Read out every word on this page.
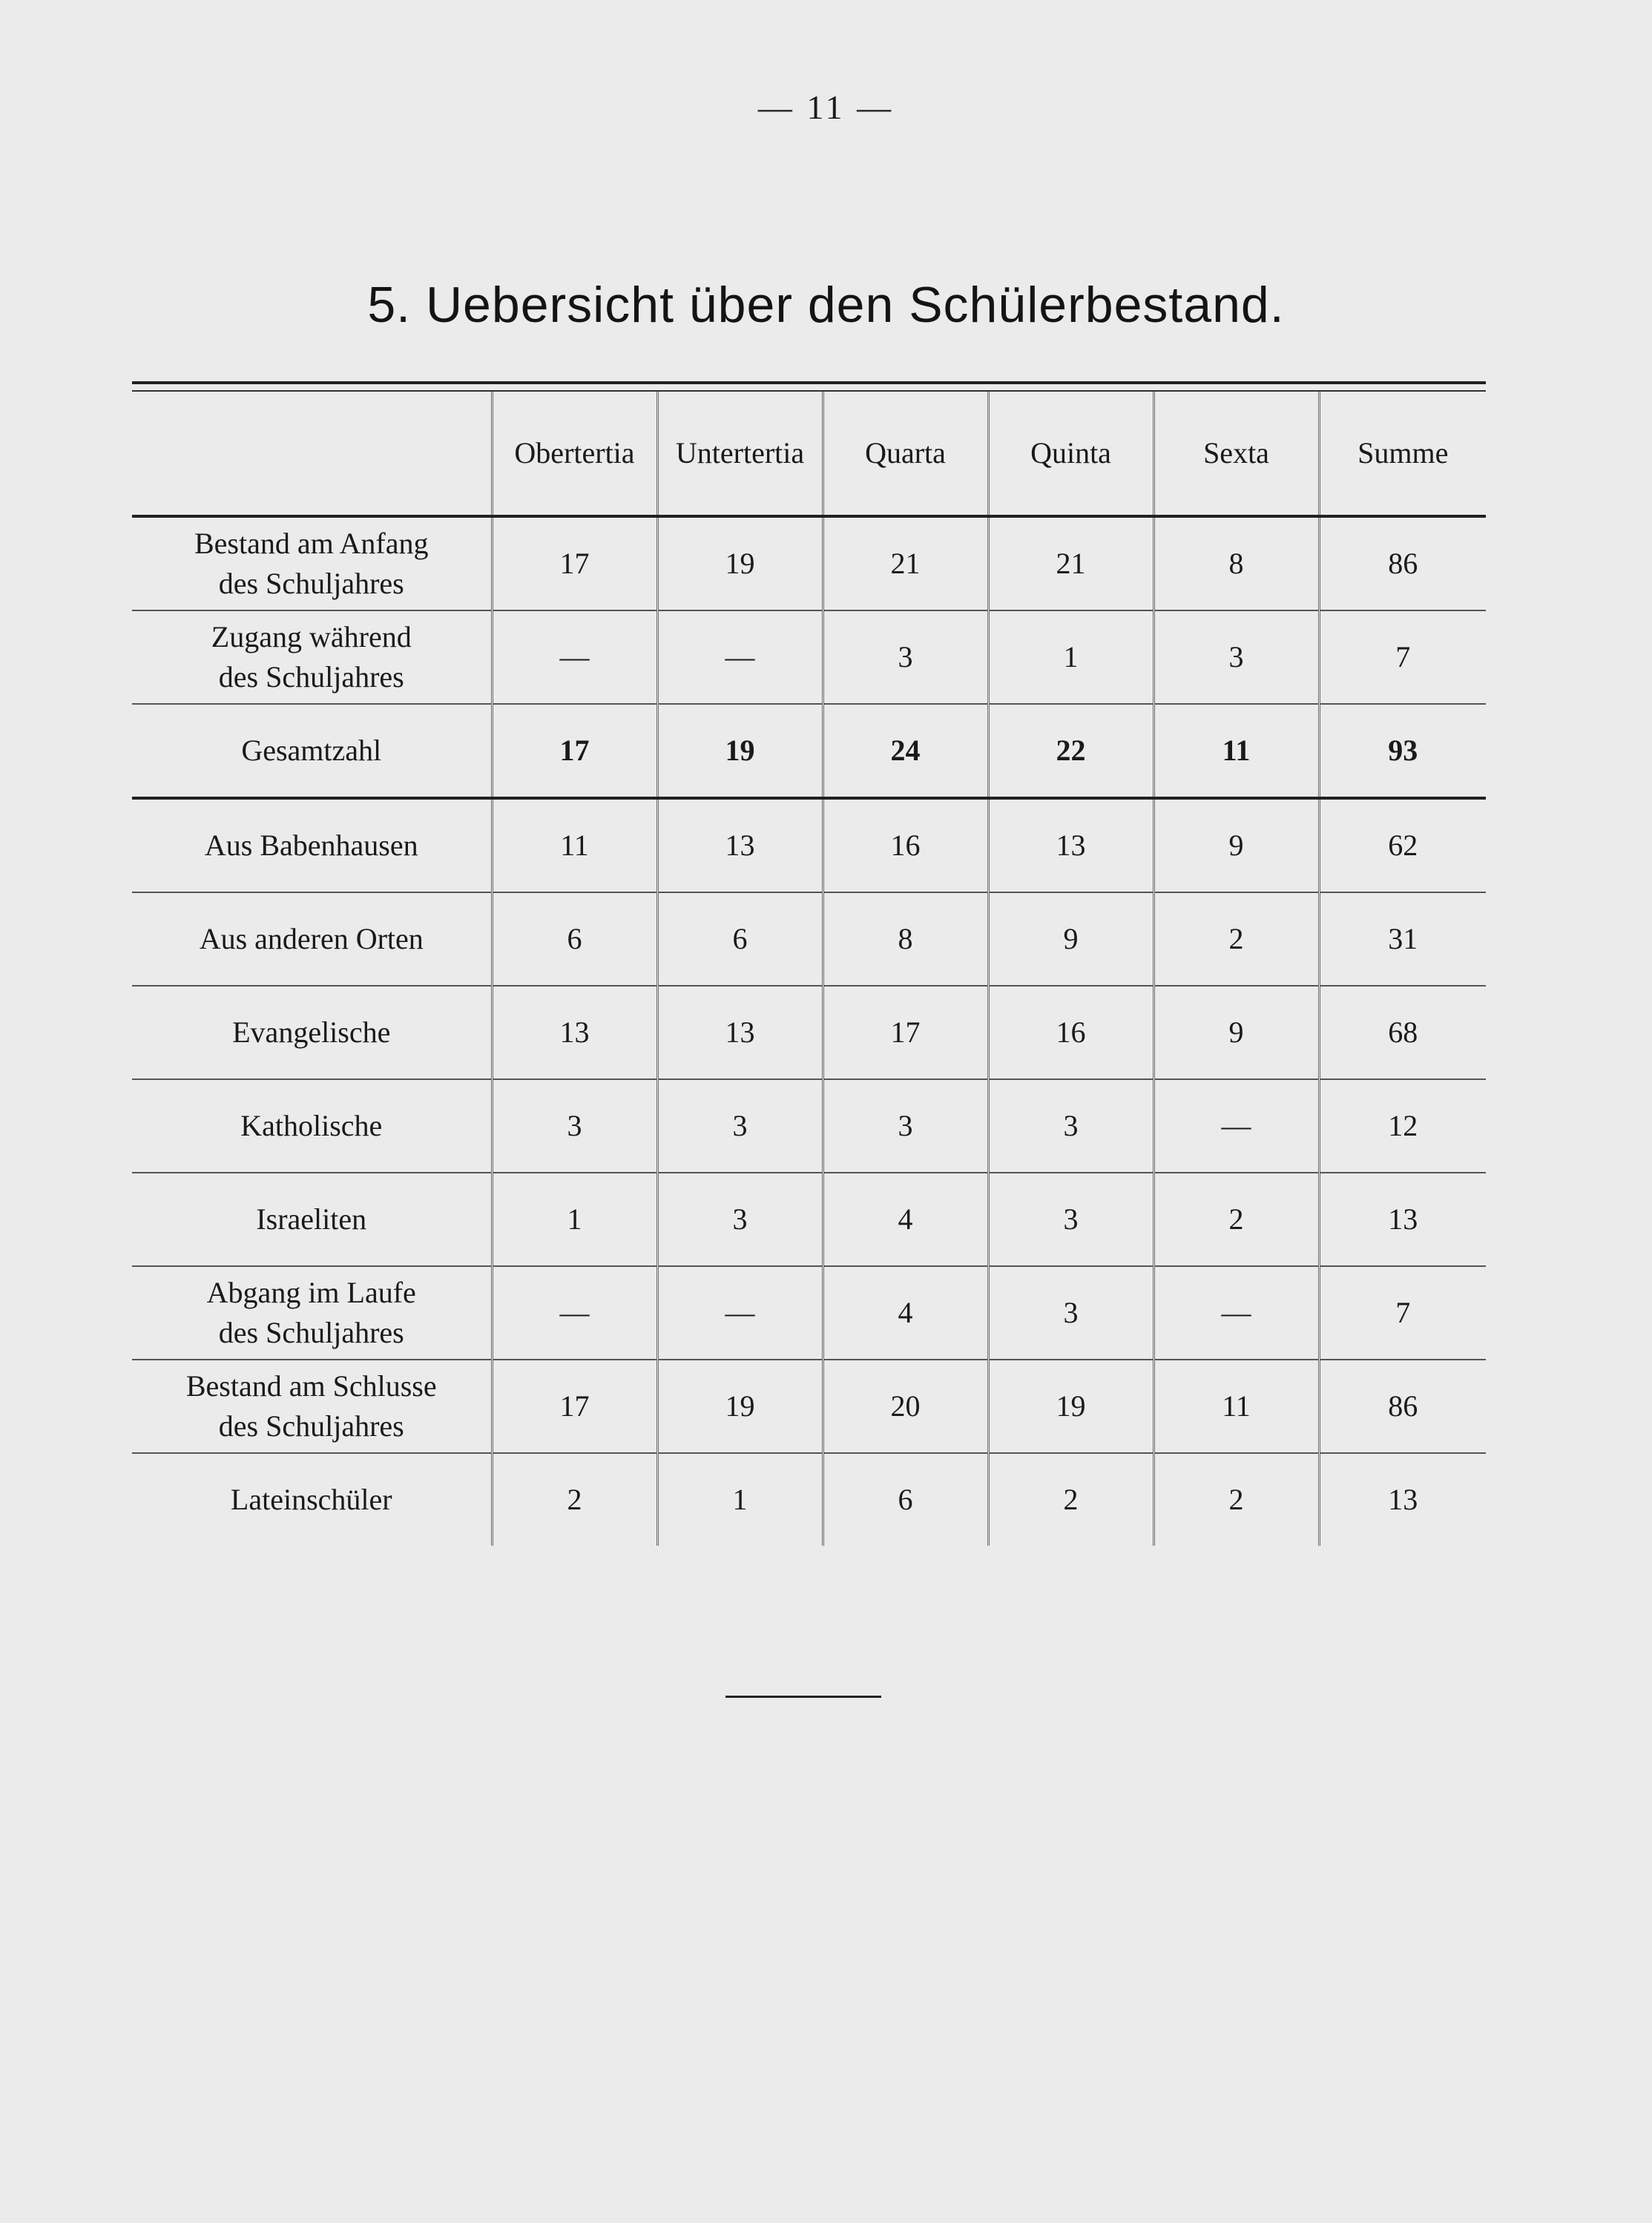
— 11 —
5. Uebersicht über den Schülerbestand.
	Obertertia	Untertertia	Quarta	Quinta	Sexta	Summe

Bestand am Anfang
des Schuljahres	17	19	21	21	8	86

Zugang während
des Schuljahres	—	—	3	1	3	7

Gesamtzahl	17	19	24	22	11	93

Aus Babenhausen	11	13	16	13	9	62

Aus anderen Orten	6	6	8	9	2	31

Evangelische	13	13	17	16	9	68

Katholische	3	3	3	3	—	12

Israeliten	1	3	4	3	2	13

Abgang im Laufe
des Schuljahres	—	—	4	3	—	7

Bestand am Schlusse
des Schuljahres	17	19	20	19	11	86

Lateinschüler	2	1	6	2	2	13
